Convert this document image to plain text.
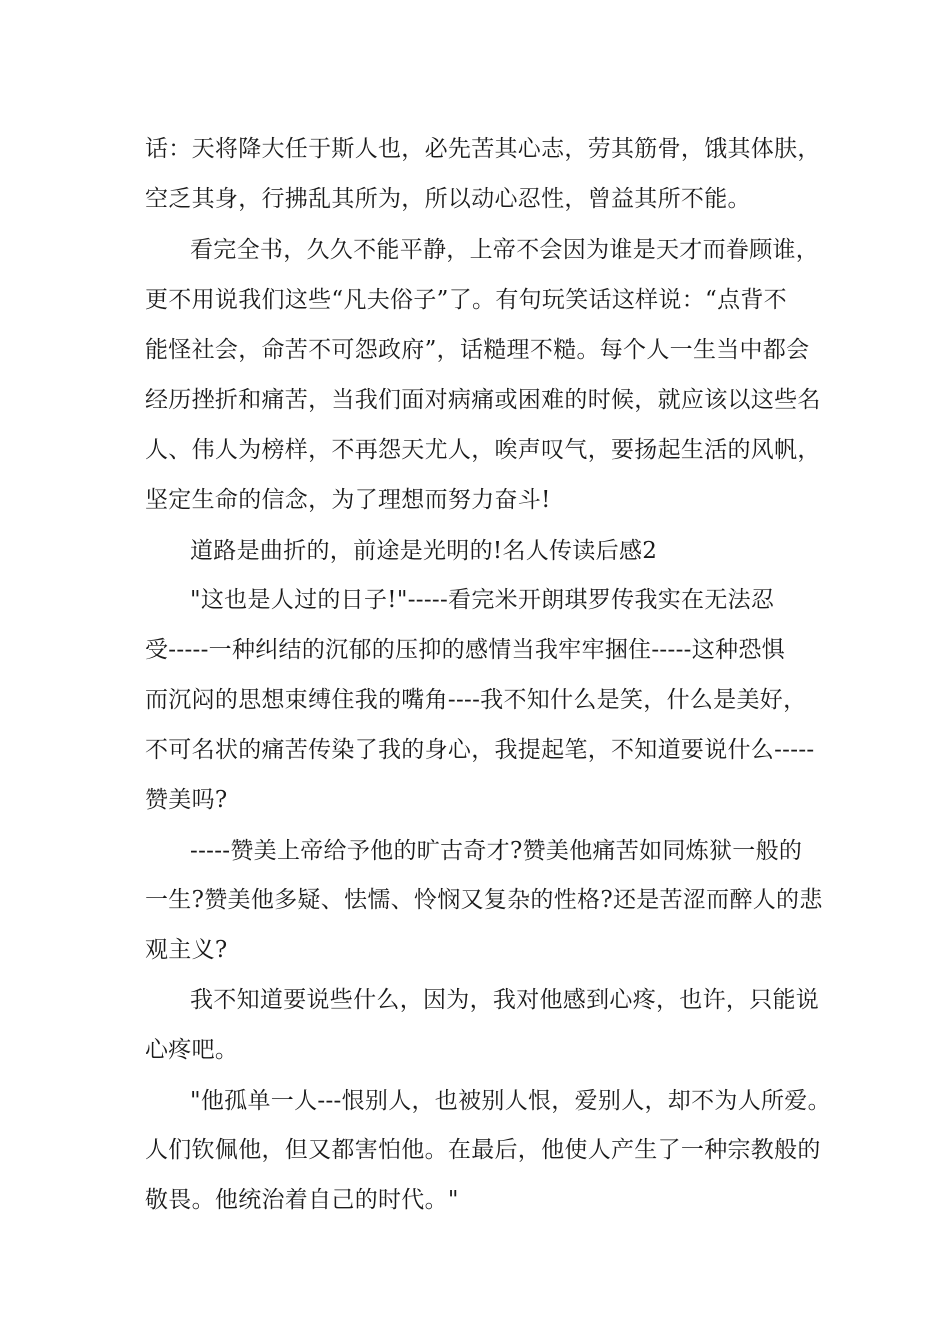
话：天将降大任于斯人也，必先苦其心志，劳其筋骨，饿其体肤，
空乏其身，行拂乱其所为，所以动心忍性，曾益其所不能。
看完全书，久久不能平静，上帝不会因为谁是天才而眷顾谁，
更不用说我们这些“凡夫俗子”了。有句玩笑话这样说：“点背不
能怪社会，命苦不可怨政府”，话糙理不糙。每个人一生当中都会
经历挫折和痛苦，当我们面对病痛或困难的时候，就应该以这些名
人、伟人为榜样，不再怨天尤人，唉声叹气，要扬起生活的风帆，
坚定生命的信念，为了理想而努力奋斗!
道路是曲折的，前途是光明的!名人传读后感2
"这也是人过的日子!"-----看完米开朗琪罗传我实在无法忍
受-----一种纠结的沉郁的压抑的感情当我牢牢捆住-----这种恐惧
而沉闷的思想束缚住我的嘴角----我不知什么是笑，什么是美好，
不可名状的痛苦传染了我的身心，我提起笔，不知道要说什么-----
赞美吗?
-----赞美上帝给予他的旷古奇才?赞美他痛苦如同炼狱一般的
一生?赞美他多疑、怯懦、怜悯又复杂的性格?还是苦涩而醉人的悲
观主义?
我不知道要说些什么，因为，我对他感到心疼，也许，只能说
心疼吧。
"他孤单一人---恨别人，也被别人恨，爱别人，却不为人所爱。
人们钦佩他，但又都害怕他。在最后，他使人产生了一种宗教般的
敬畏。他统治着自己的时代。"
